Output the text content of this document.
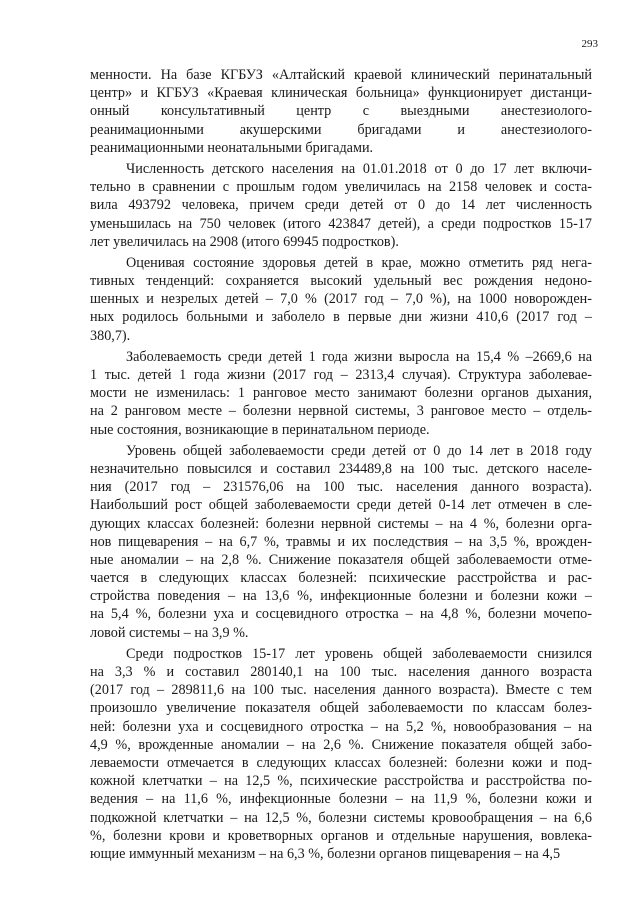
293

менности. На базе КГБУЗ «Алтайский краевой клинический перинатальный
центр» и КГБУЗ «Краевая клиническая больница» функционирует дистанци-
онный консультативный центр с выездными анестезиолого-
реанимационными акушерскими бригадами и анестезиолого-
реанимационными неонатальными бригадами.

Численность детского населения на 01.01.2018 от 0 до 17 лет включи-
тельно в сравнении с прошлым годом увеличилась на 2158 человек и соста-
вила 493792 человека, причем среди детей от 0 до 14 лет численность
уменьшилась на 750 человек (итого 423847 детей), а среди подростков 15-17
лет увеличилась на 2908 (итого 69945 подростков).

Оценивая состояние здоровья детей в крае, можно отметить ряд нега-
тивных тенденций: сохраняется высокий удельный вес рождения недоно-
шенных и незрелых детей – 7,0 % (2017 год – 7,0 %), на 1000 новорожден-
ных родилось больными и заболело в первые дни жизни 410,6 (2017 год –
380,7).

Заболеваемость среди детей 1 года жизни выросла на 15,4 % –2669,6 на
1 тыс. детей 1 года жизни (2017 год – 2313,4 случая). Структура заболевае-
мости не изменилась: 1 ранговое место занимают болезни органов дыхания,
на 2 ранговом месте – болезни нервной системы, 3 ранговое место – отдель-
ные состояния, возникающие в перинатальном периоде.

Уровень общей заболеваемости среди детей от 0 до 14 лет в 2018 году
незначительно повысился и составил 234489,8 на 100 тыс. детского населе-
ния (2017 год – 231576,06 на 100 тыс. населения данного возраста).
Наибольший рост общей заболеваемости среди детей 0-14 лет отмечен в сле-
дующих классах болезней: болезни нервной системы – на 4 %, болезни орга-
нов пищеварения – на 6,7 %, травмы и их последствия – на 3,5 %, врожден-
ные аномалии – на 2,8 %. Снижение показателя общей заболеваемости отме-
чается в следующих классах болезней: психические расстройства и рас-
стройства поведения – на 13,6 %, инфекционные болезни и болезни кожи –
на 5,4 %, болезни уха и сосцевидного отростка – на 4,8 %, болезни мочепо-
ловой системы – на 3,9 %.

Среди подростков 15-17 лет уровень общей заболеваемости снизился
на 3,3 % и составил 280140,1 на 100 тыс. населения данного возраста
(2017 год – 289811,6 на 100 тыс. населения данного возраста). Вместе с тем
произошло увеличение показателя общей заболеваемости по классам болез-
ней: болезни уха и сосцевидного отростка – на 5,2 %, новообразования – на
4,9 %, врожденные аномалии – на 2,6 %. Снижение показателя общей забо-
леваемости отмечается в следующих классах болезней: болезни кожи и под-
кожной клетчатки – на 12,5 %, психические расстройства и расстройства по-
ведения – на 11,6 %, инфекционные болезни – на 11,9 %, болезни кожи и
подкожной клетчатки – на 12,5 %, болезни системы кровообращения – на 6,6
%, болезни крови и кроветворных органов и отдельные нарушения, вовлека-
ющие иммунный механизм – на 6,3 %, болезни органов пищеварения – на 4,5
